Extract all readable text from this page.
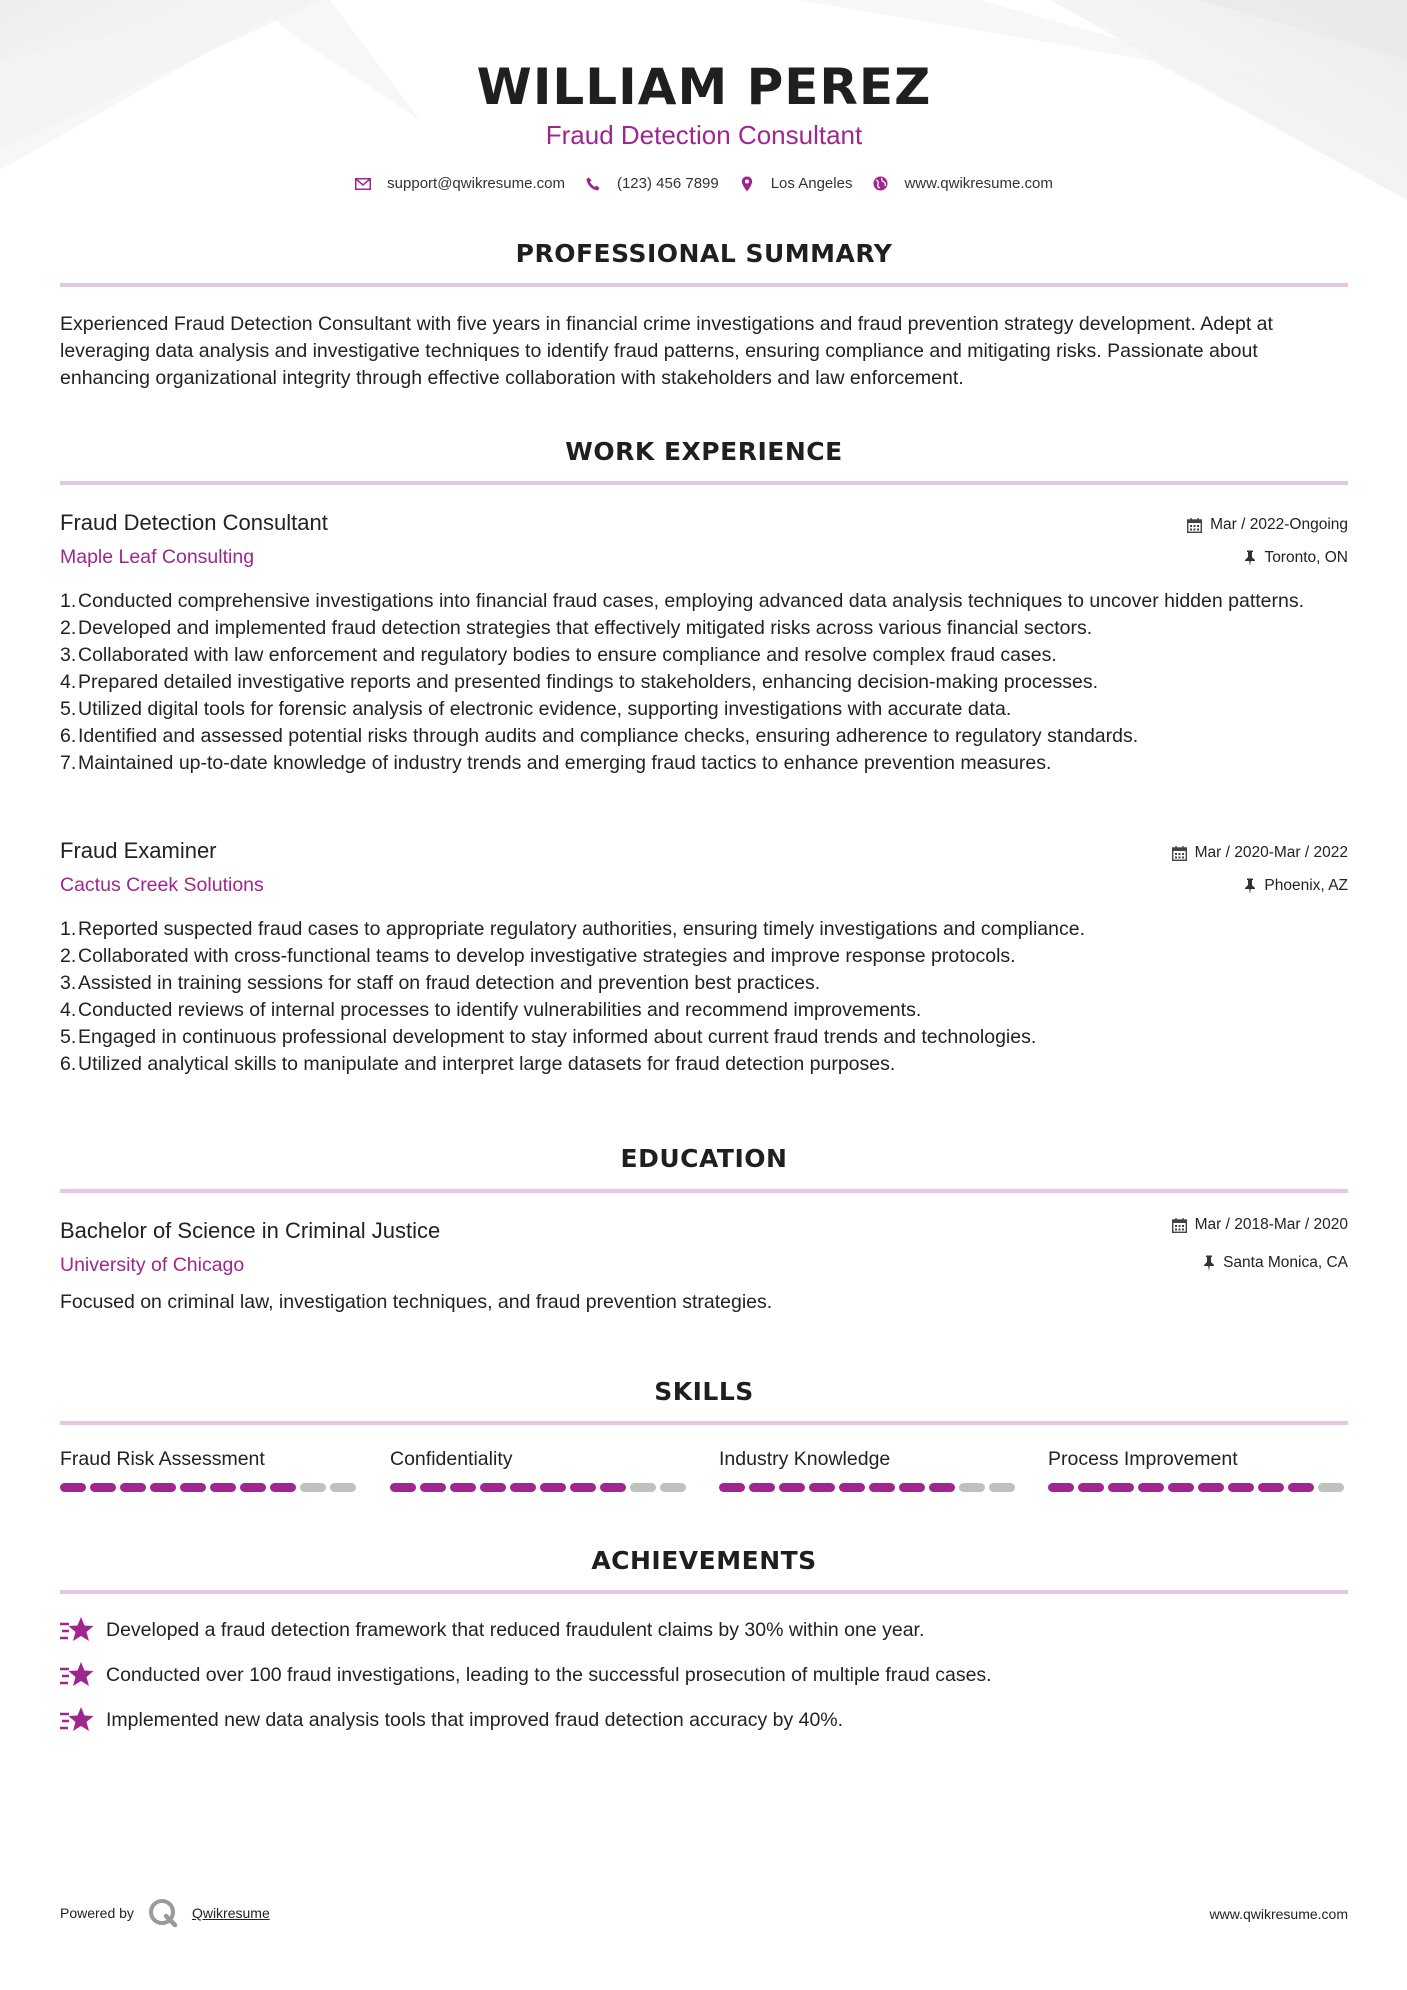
WILLIAM PEREZ
Fraud Detection Consultant
support@qwikresume.com	(123) 456 7899	Los Angeles	www.qwikresume.com
PROFESSIONAL SUMMARY
Experienced Fraud Detection Consultant with five years in financial crime investigations and fraud prevention strategy development. Adept at leveraging data analysis and investigative techniques to identify fraud patterns, ensuring compliance and mitigating risks. Passionate about enhancing organizational integrity through effective collaboration with stakeholders and law enforcement.
WORK EXPERIENCE
Fraud Detection Consultant	Mar / 2022-Ongoing
Maple Leaf Consulting	Toronto, ON
1. Conducted comprehensive investigations into financial fraud cases, employing advanced data analysis techniques to uncover hidden patterns.
2. Developed and implemented fraud detection strategies that effectively mitigated risks across various financial sectors.
3. Collaborated with law enforcement and regulatory bodies to ensure compliance and resolve complex fraud cases.
4. Prepared detailed investigative reports and presented findings to stakeholders, enhancing decision-making processes.
5. Utilized digital tools for forensic analysis of electronic evidence, supporting investigations with accurate data.
6. Identified and assessed potential risks through audits and compliance checks, ensuring adherence to regulatory standards.
7. Maintained up-to-date knowledge of industry trends and emerging fraud tactics to enhance prevention measures.
Fraud Examiner	Mar / 2020-Mar / 2022
Cactus Creek Solutions	Phoenix, AZ
1. Reported suspected fraud cases to appropriate regulatory authorities, ensuring timely investigations and compliance.
2. Collaborated with cross-functional teams to develop investigative strategies and improve response protocols.
3. Assisted in training sessions for staff on fraud detection and prevention best practices.
4. Conducted reviews of internal processes to identify vulnerabilities and recommend improvements.
5. Engaged in continuous professional development to stay informed about current fraud trends and technologies.
6. Utilized analytical skills to manipulate and interpret large datasets for fraud detection purposes.
EDUCATION
Bachelor of Science in Criminal Justice	Mar / 2018-Mar / 2020
University of Chicago	Santa Monica, CA
Focused on criminal law, investigation techniques, and fraud prevention strategies.
SKILLS
Fraud Risk Assessment	Confidentiality	Industry Knowledge	Process Improvement
ACHIEVEMENTS
Developed a fraud detection framework that reduced fraudulent claims by 30% within one year.
Conducted over 100 fraud investigations, leading to the successful prosecution of multiple fraud cases.
Implemented new data analysis tools that improved fraud detection accuracy by 40%.
Powered by	Qwikresume	www.qwikresume.com
